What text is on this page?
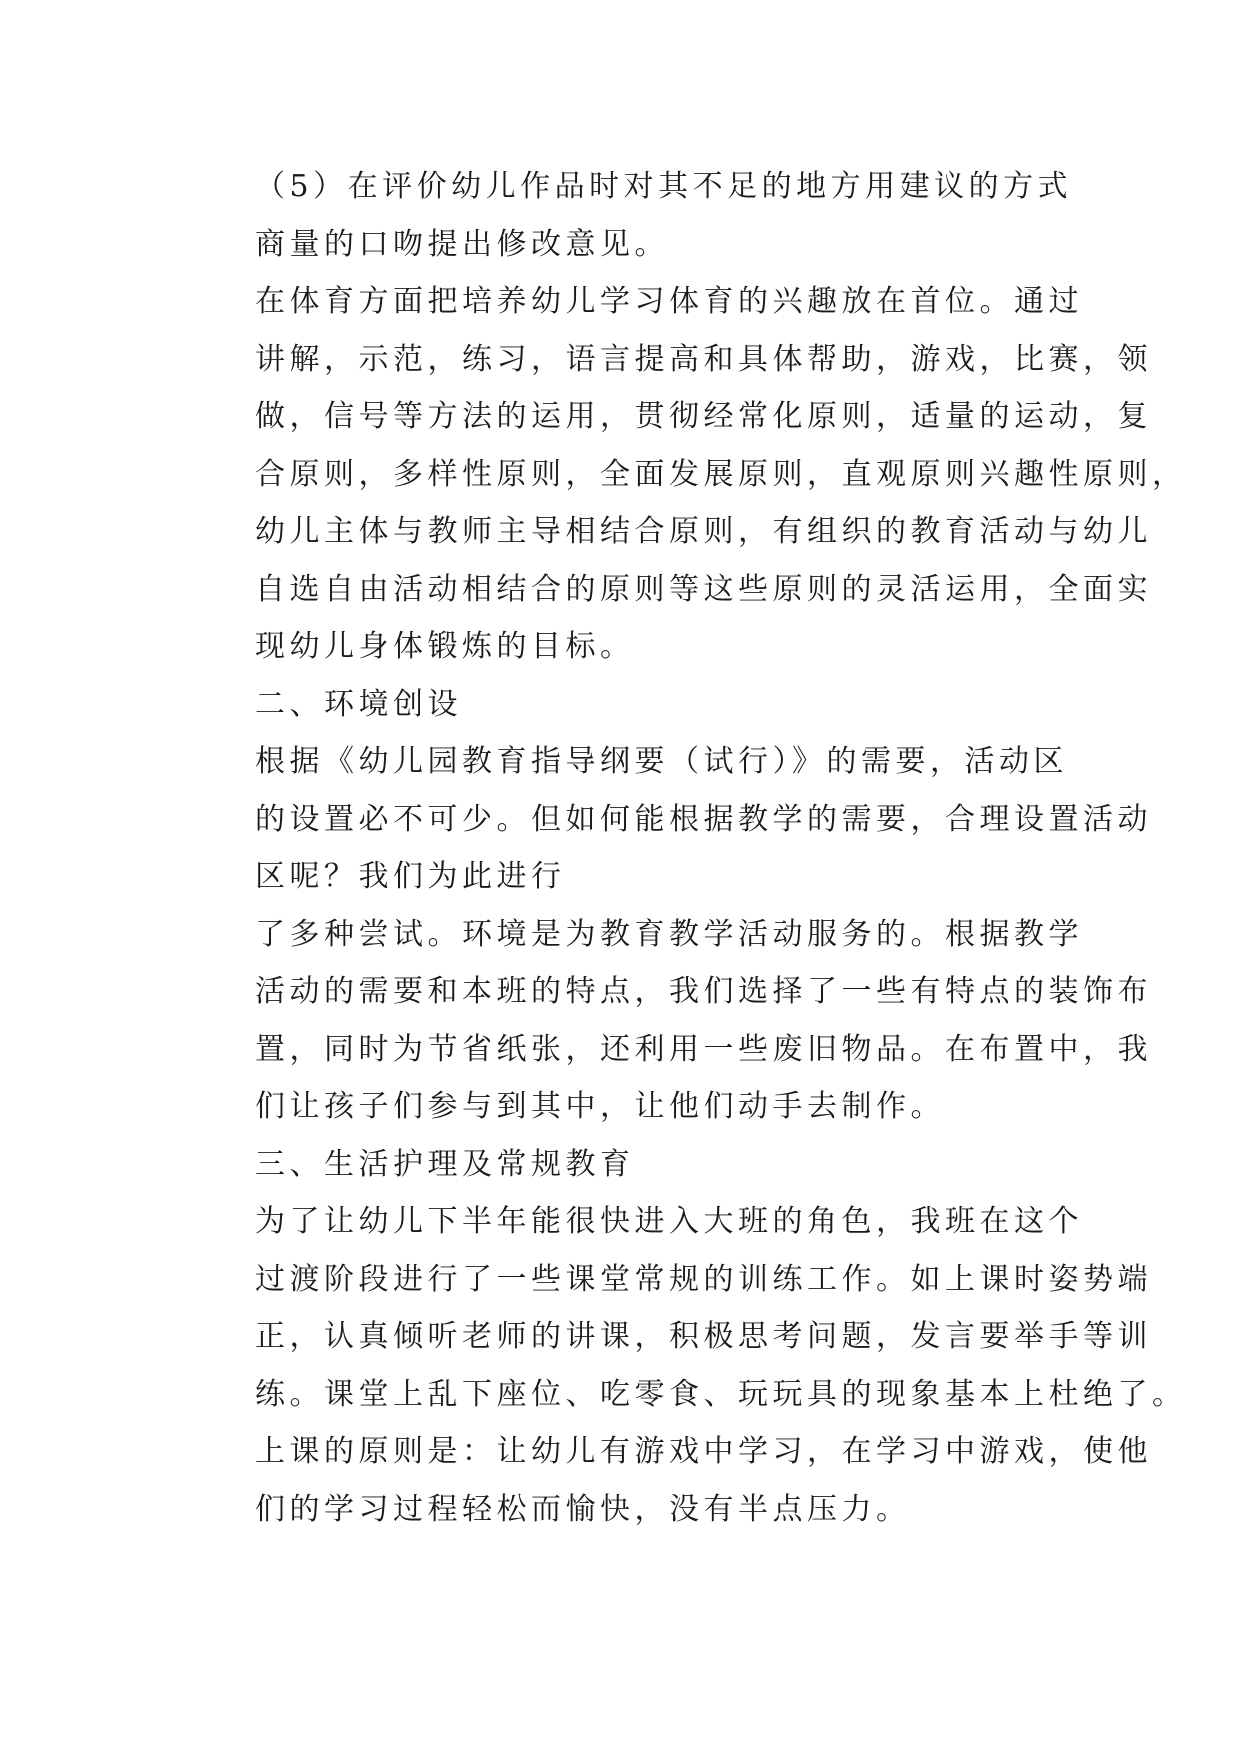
（5）在评价幼儿作品时对其不足的地方用建议的方式
商量的口吻提出修改意见。

在体育方面把培养幼儿学习体育的兴趣放在首位。通过
讲解，示范，练习，语言提高和具体帮助，游戏，比赛，领
做，信号等方法的运用，贯彻经常化原则，适量的运动，复
合原则，多样性原则，全面发展原则，直观原则兴趣性原则，
幼儿主体与教师主导相结合原则，有组织的教育活动与幼儿
自选自由活动相结合的原则等这些原则的灵活运用，全面实
现幼儿身体锻炼的目标。

二、环境创设

根据《幼儿园教育指导纲要（试行）》的需要，活动区
的设置必不可少。但如何能根据教学的需要，合理设置活动
区呢？我们为此进行

了多种尝试。环境是为教育教学活动服务的。根据教学
活动的需要和本班的特点，我们选择了一些有特点的装饰布
置，同时为节省纸张，还利用一些废旧物品。在布置中，我
们让孩子们参与到其中，让他们动手去制作。

三、生活护理及常规教育

为了让幼儿下半年能很快进入大班的角色，我班在这个
过渡阶段进行了一些课堂常规的训练工作。如上课时姿势端
正，认真倾听老师的讲课，积极思考问题，发言要举手等训
练。课堂上乱下座位、吃零食、玩玩具的现象基本上杜绝了。
上课的原则是：让幼儿有游戏中学习，在学习中游戏，使他
们的学习过程轻松而愉快，没有半点压力。
